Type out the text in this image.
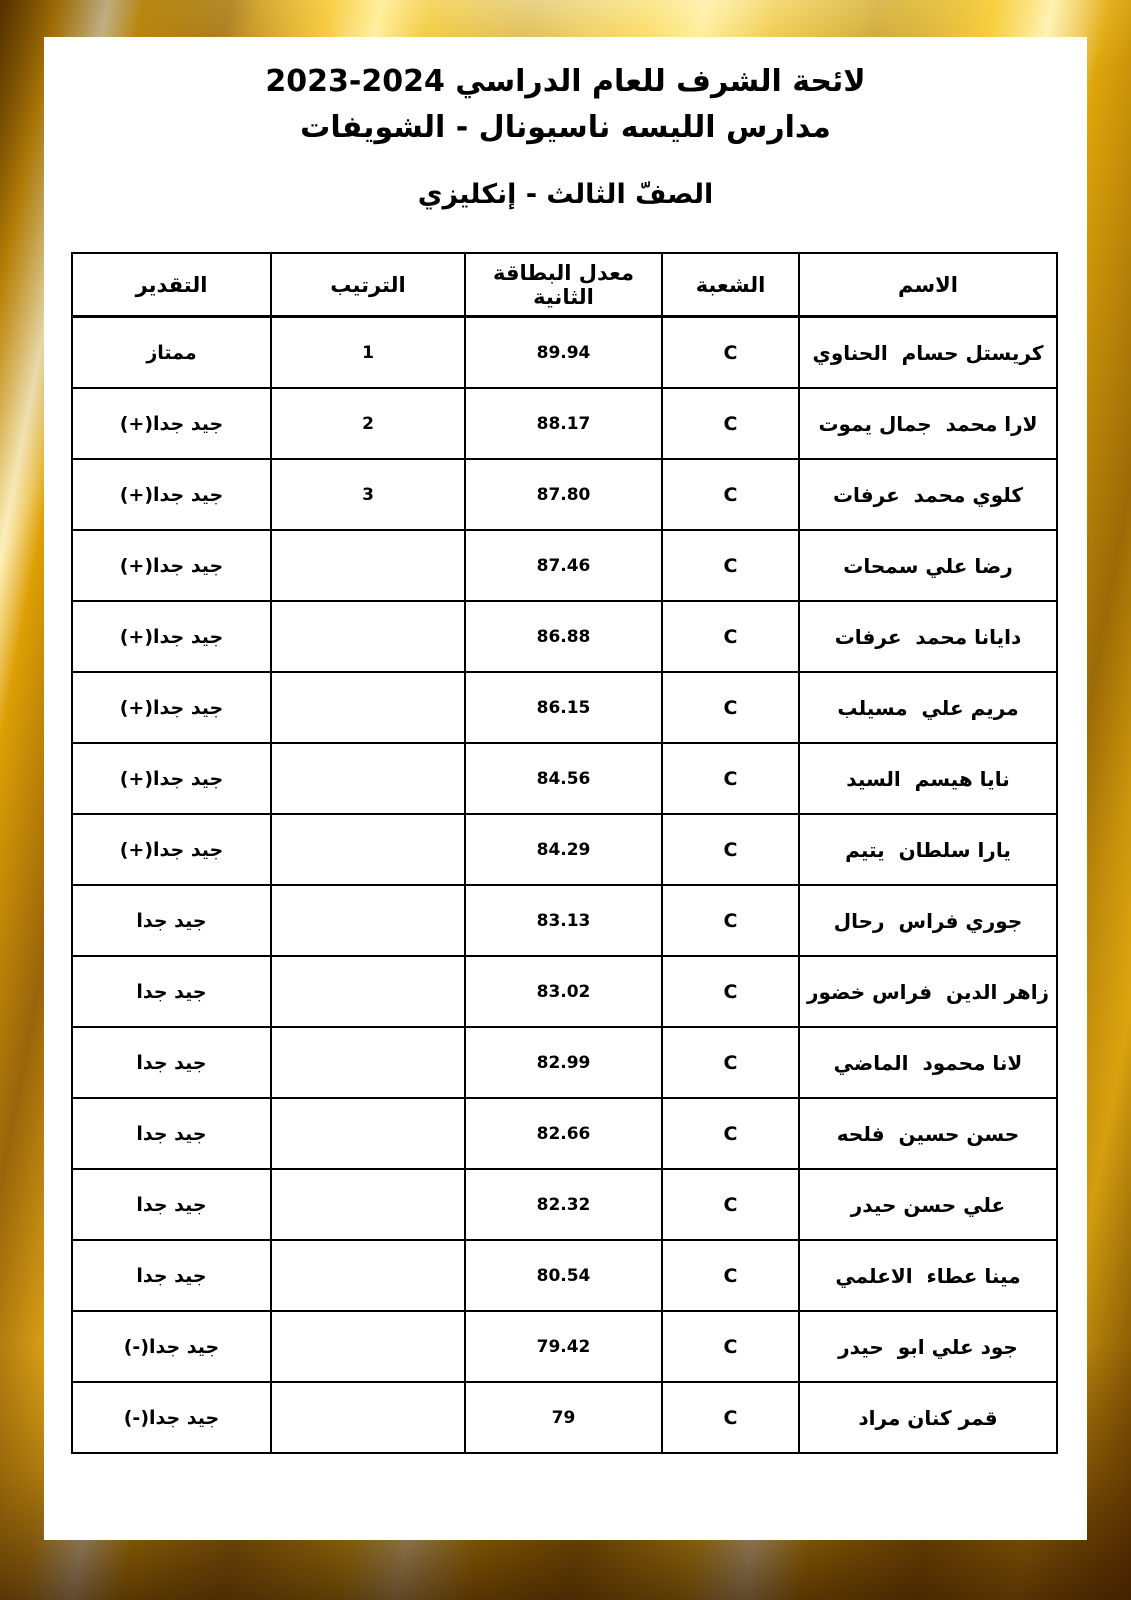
لائحة الشرف للعام الدراسي 2024-2023
مدارس الليسه ناسيونال - الشويفات
الصفّ الثالث - إنكليزي
الاسم	الشعبة	معدل البطاقة الثانية	الترتيب	التقدير
كريستل حسام  الحناوي	C	89.94	1	ممتاز
لارا محمد  جمال يموت	C	88.17	2	جيد جدا(+)
كلوي محمد  عرفات	C	87.80	3	جيد جدا(+)
رضا علي سمحات	C	87.46		جيد جدا(+)
دايانا محمد  عرفات	C	86.88		جيد جدا(+)
مريم علي  مسيلب	C	86.15		جيد جدا(+)
نايا هيسم  السيد	C	84.56		جيد جدا(+)
يارا سلطان  يتيم	C	84.29		جيد جدا(+)
جوري فراس  رحال	C	83.13		جيد جدا
زاهر الدين  فراس خضور	C	83.02		جيد جدا
لانا محمود  الماضي	C	82.99		جيد جدا
حسن حسين  فلحه	C	82.66		جيد جدا
علي حسن حيدر	C	82.32		جيد جدا
مينا عطاء  الاعلمي	C	80.54		جيد جدا
جود علي ابو  حيدر	C	79.42		جيد جدا(-)
قمر كنان مراد	C	79		جيد جدا(-)
